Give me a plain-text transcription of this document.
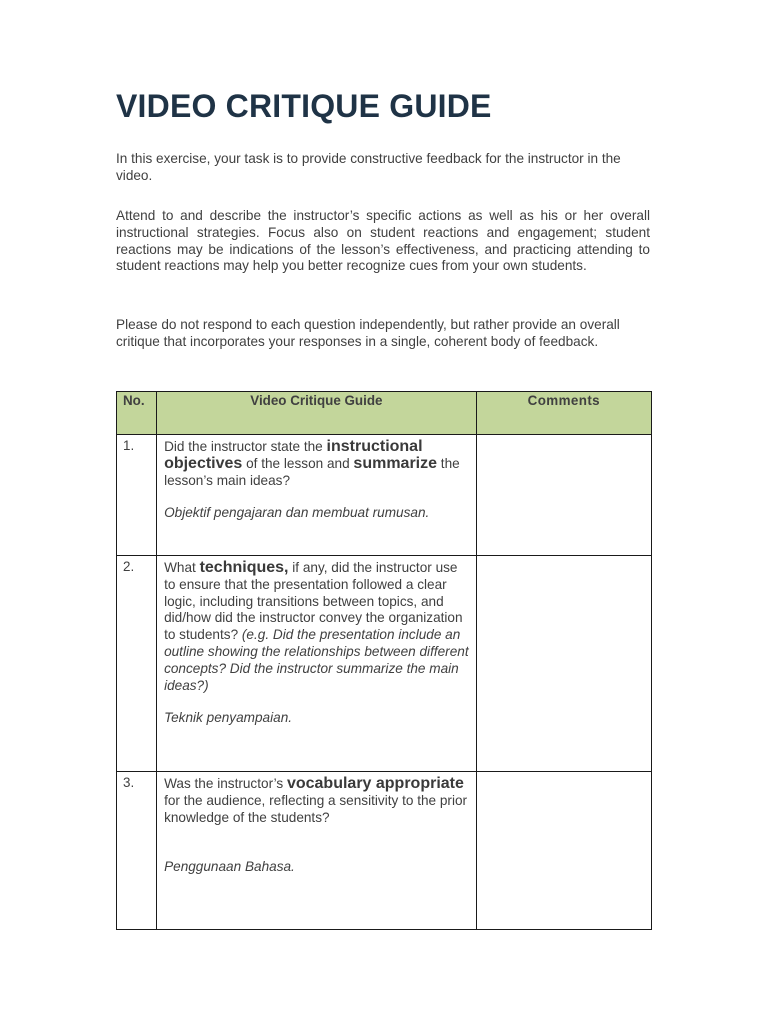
VIDEO CRITIQUE GUIDE

In this exercise, your task is to provide constructive feedback for the instructor in the video.

Attend to and describe the instructor’s specific actions as well as his or her overall instructional strategies. Focus also on student reactions and engagement; student reactions may be indications of the lesson’s effectiveness, and practicing attending to student reactions may help you better recognize cues from your own students.

Please do not respond to each question independently, but rather provide an overall critique that incorporates your responses in a single, coherent body of feedback.

No.	Video Critique Guide	Comments
1.	Did the instructor state the instructional objectives of the lesson and summarize the lesson’s main ideas?
Objektif pengajaran dan membuat rumusan.	

2.	What techniques, if any, did the instructor use to ensure that the presentation followed a clear logic, including transitions between topics, and did/how did the instructor convey the organization to students? (e.g. Did the presentation include an outline showing the relationships between different concepts? Did the instructor summarize the main ideas?)
Teknik penyampaian.	

3.	Was the instructor’s vocabulary appropriate for the audience, reflecting a sensitivity to the prior knowledge of the students?
Penggunaan Bahasa.	
